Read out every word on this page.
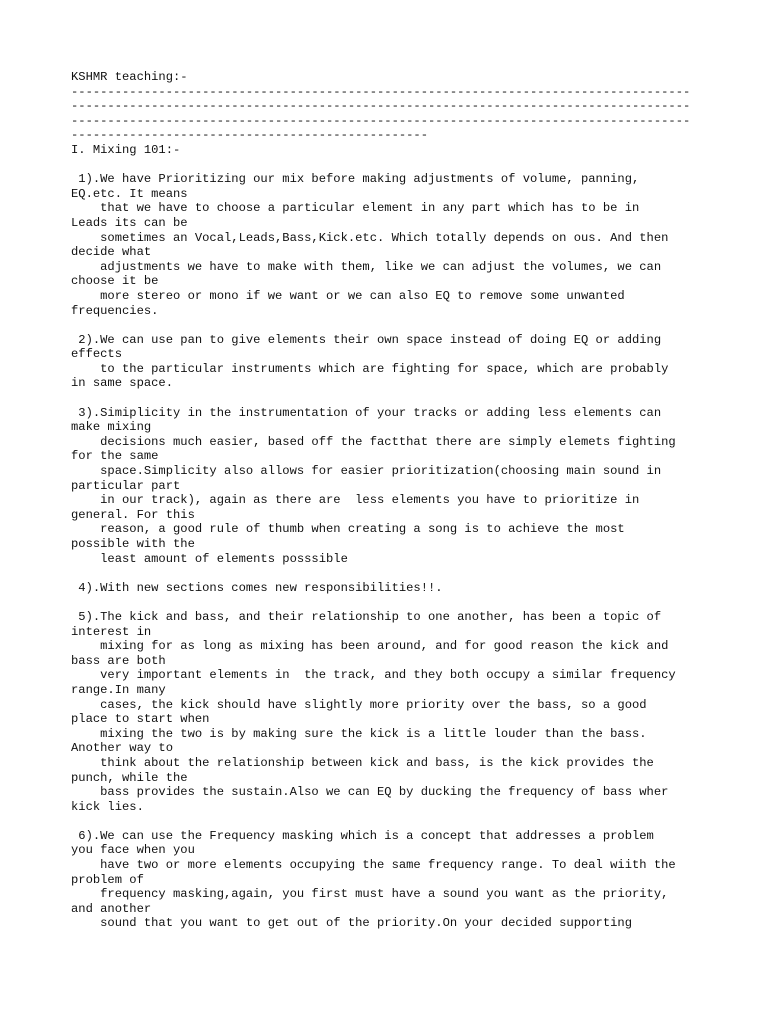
KSHMR teaching:-
-------------------------------------------------------------------------------------
-------------------------------------------------------------------------------------
-------------------------------------------------------------------------------------
-------------------------------------------------
I. Mixing 101:-
1).We have Prioritizing our mix before making adjustments of volume, panning,
EQ.etc. It means
that we have to choose a particular element in any part which has to be in
Leads its can be
sometimes an Vocal,Leads,Bass,Kick.etc. Which totally depends on ous. And then
decide what
adjustments we have to make with them, like we can adjust the volumes, we can
choose it be
more stereo or mono if we want or we can also EQ to remove some unwanted
frequencies.
2).We can use pan to give elements their own space instead of doing EQ or adding
effects
to the particular instruments which are fighting for space, which are probably
in same space.
3).Simiplicity in the instrumentation of your tracks or adding less elements can
make mixing
decisions much easier, based off the factthat there are simply elemets fighting
for the same
space.Simplicity also allows for easier prioritization(choosing main sound in
particular part
in our track), again as there are  less elements you have to prioritize in
general. For this
reason, a good rule of thumb when creating a song is to achieve the most
possible with the
least amount of elements posssible
4).With new sections comes new responsibilities!!.
5).The kick and bass, and their relationship to one another, has been a topic of
interest in
mixing for as long as mixing has been around, and for good reason the kick and
bass are both
very important elements in  the track, and they both occupy a similar frequency
range.In many
cases, the kick should have slightly more priority over the bass, so a good
place to start when
mixing the two is by making sure the kick is a little louder than the bass.
Another way to
think about the relationship between kick and bass, is the kick provides the
punch, while the
bass provides the sustain.Also we can EQ by ducking the frequency of bass wher
kick lies.
6).We can use the Frequency masking which is a concept that addresses a problem
you face when you
have two or more elements occupying the same frequency range. To deal wiith the
problem of
frequency masking,again, you first must have a sound you want as the priority,
and another
sound that you want to get out of the priority.On your decided supporting
